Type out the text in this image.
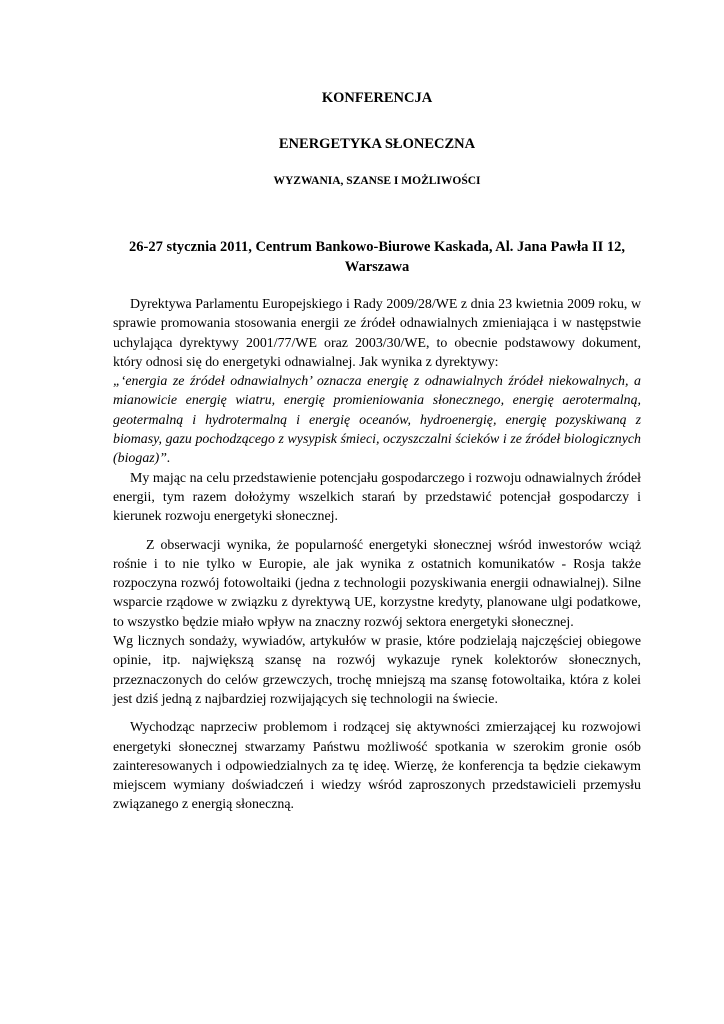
KONFERENCJA
ENERGETYKA SŁONECZNA
WYZWANIA, SZANSE I MOŻLIWOŚCI
26-27 stycznia 2011, Centrum Bankowo-Biurowe Kaskada, Al. Jana Pawła II 12,
Warszawa

Dyrektywa Parlamentu Europejskiego i Rady 2009/28/WE z dnia 23 kwietnia 2009 roku, w sprawie promowania stosowania energii ze źródeł odnawialnych zmieniająca i w następstwie uchylająca dyrektywy 2001/77/WE oraz 2003/30/WE, to obecnie podstawowy dokument, który odnosi się do energetyki odnawialnej. Jak wynika z dyrektywy:

„‘energia ze źródeł odnawialnych’ oznacza energię z odnawialnych źródeł niekowalnych, a mianowicie energię wiatru, energię promieniowania słonecznego, energię aerotermalną, geotermalną i hydrotermalną i energię oceanów, hydroenergię, energię pozyskiwaną z biomasy, gazu pochodzącego z wysypisk śmieci, oczyszczalni ścieków i ze źródeł biologicznych (biogaz)”.

My mając na celu przedstawienie potencjału gospodarczego i rozwoju odnawialnych źródeł energii, tym razem dołożymy wszelkich starań by przedstawić potencjał gospodarczy i kierunek rozwoju energetyki słonecznej.

Z obserwacji wynika, że popularność energetyki słonecznej wśród inwestorów wciąż rośnie i to nie tylko w Europie, ale jak wynika z ostatnich komunikatów - Rosja także rozpoczyna rozwój fotowoltaiki (jedna z technologii pozyskiwania energii odnawialnej). Silne wsparcie rządowe w związku z dyrektywą UE, korzystne kredyty, planowane ulgi podatkowe, to wszystko będzie miało wpływ na znaczny rozwój sektora energetyki słonecznej.

Wg licznych sondaży, wywiadów, artykułów w prasie, które podzielają najczęściej obiegowe opinie, itp. największą szansę na rozwój wykazuje rynek kolektorów słonecznych, przeznaczonych do celów grzewczych, trochę mniejszą ma szansę fotowoltaika, która z kolei jest dziś jedną z najbardziej rozwijających się technologii na świecie.

Wychodząc naprzeciw problemom i rodzącej się aktywności zmierzającej ku rozwojowi energetyki słonecznej stwarzamy Państwu możliwość spotkania w szerokim gronie osób zainteresowanych i odpowiedzialnych za tę ideę. Wierzę, że konferencja ta będzie ciekawym miejscem wymiany doświadczeń i wiedzy wśród zaproszonych przedstawicieli przemysłu związanego z energią słoneczną.
